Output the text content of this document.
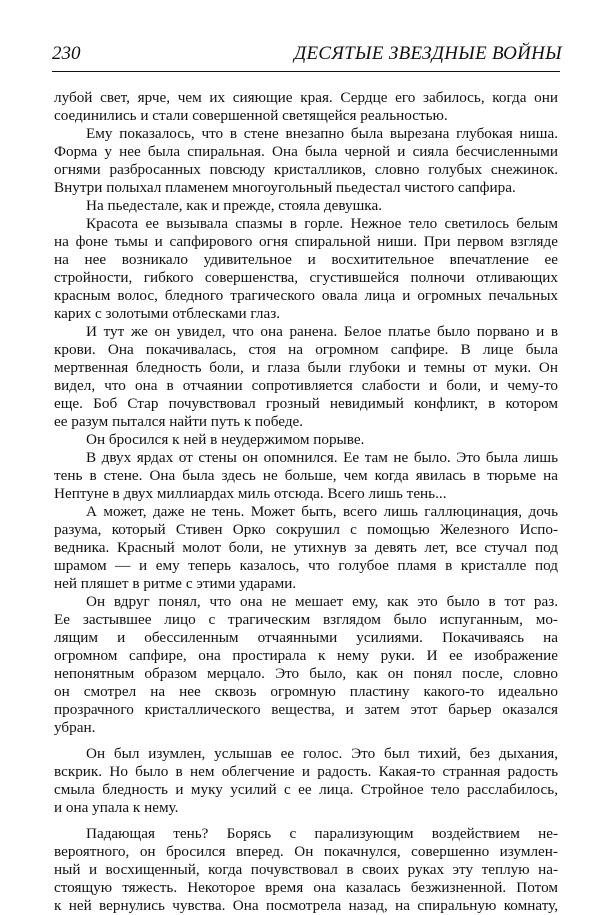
230	ДЕСЯТЫЕ ЗВЕЗДНЫЕ ВОЙНЫ
лубой свет, ярче, чем их сияющие края. Сердце его забилось, когда они
соединились и стали совершенной светящейся реальностью.
Ему показалось, что в стене внезапно была вырезана глубокая ниша.
Форма у нее была спиральная. Она была черной и сияла бесчисленными
огнями разбросанных повсюду кристалликов, словно голубых снежинок.
Внутри полыхал пламенем многоугольный пьедестал чистого сапфира.
На пьедестале, как и прежде, стояла девушка.
Красота ее вызывала спазмы в горле. Нежное тело светилось белым
на фоне тьмы и сапфирового огня спиральной ниши. При первом взгляде
на нее возникало удивительное и восхитительное впечатление ее
стройности, гибкого совершенства, сгустившейся полночи отливающих
красным волос, бледного трагического овала лица и огромных печальных
карих с золотыми отблесками глаз.
И тут же он увидел, что она ранена. Белое платье было порвано и в
крови. Она покачивалась, стоя на огромном сапфире. В лице была
мертвенная бледность боли, и глаза были глубоки и темны от муки. Он
видел, что она в отчаянии сопротивляется слабости и боли, и чему-то
еще. Боб Стар почувствовал грозный невидимый конфликт, в котором
ее разум пытался найти путь к победе.
Он бросился к ней в неудержимом порыве.
В двух ярдах от стены он опомнился. Ее там не было. Это была лишь
тень в стене. Она была здесь не больше, чем когда явилась в тюрьме на
Нептуне в двух миллиардах миль отсюда. Всего лишь тень...
А может, даже не тень. Может быть, всего лишь галлюцинация, дочь
разума, который Стивен Орко сокрушил с помощью Железного Испо-
ведника. Красный молот боли, не утихнув за девять лет, все стучал под
шрамом — и ему теперь казалось, что голубое пламя в кристалле под
ней пляшет в ритме с этими ударами.
Он вдруг понял, что она не мешает ему, как это было в тот раз.
Ее застывшее лицо с трагическим взглядом было испуганным, мо-
лящим и обессиленным отчаянными усилиями. Покачиваясь на
огромном сапфире, она простирала к нему руки. И ее изображение
непонятным образом мерцало. Это было, как он понял после, словно
он смотрел на нее сквозь огромную пластину какого-то идеально
прозрачного кристаллического вещества, и затем этот барьер оказался
убран.
Он был изумлен, услышав ее голос. Это был тихий, без дыхания,
вскрик. Но было в нем облегчение и радость. Какая-то странная радость
смыла бледность и муку усилий с ее лица. Стройное тело расслабилось,
и она упала к нему.
Падающая тень? Борясь с парализующим воздействием не-
вероятного, он бросился вперед. Он покачнулся, совершенно изумлен-
ный и восхищенный, когда почувствовал в своих руках эту теплую на-
стоящую тяжесть. Некоторое время она казалась безжизненной. Потом
к ней вернулись чувства. Она посмотрела назад, на спиральную комнату,
